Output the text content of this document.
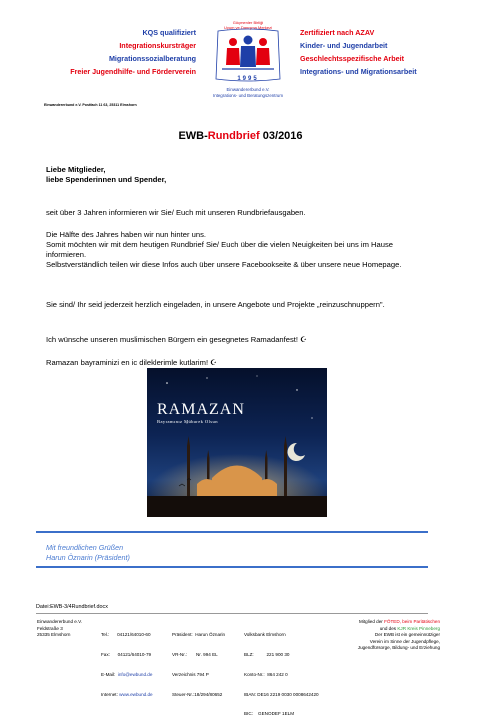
KQS qualifiziert
Integrationskursträger
Migrationssozialberatung
Freier Jugendhilfe- und Förderverein
Göçmenler Birliği
Uyum ve Danışma Merkezi
1995
Einwandererbund e.V.
Integrations- und Beratungszentrum
Zertifiziert nach AZAV
Kinder- und Jugendarbeit
Geschlechtsspezifische Arbeit
Integrations- und Migrationsarbeit
Einwandererbund e.V. Postfach 11 63, 25311 Elmshorn
EWB-Rundbrief 03/2016
Liebe Mitglieder,
liebe Spenderinnen und Spender,
seit über 3 Jahren informieren wir Sie/ Euch mit unseren Rundbriefausgaben.
Die Hälfte des Jahres haben wir nun hinter uns.
Somit möchten wir mit dem heutigen Rundbrief Sie/ Euch über die vielen Neuigkeiten bei uns im Hause informieren.
Selbstverständlich teilen wir diese Infos auch über unsere Facebookseite & über unsere neue Homepage.
Sie sind/ Ihr seid jederzeit herzlich eingeladen, in unsere Angebote und Projekte „reinzuschnuppern".
Ich wünsche unseren muslimischen Bürgern ein gesegnetes Ramadanfest! ☪
Ramazan bayraminizi en ic dileklerimle kutlarim! ☪
RAMAZAN
Bayramınız Mübarek Olsun
Mit freundlichen Grüßen
Harun Öznarin (Präsident)
Datei:EWB-3/4Rundbrief.docx
Einwandererbund e.V.
Feldstraße 3
25335 Elmshorn

	Tel.:      04121/64010-60

Fax:      04121/64010-79

E-Mail:  info@ewbund.de

Internet: www.ewbund.de

Präsident:  Harun Öznarin

VR-Nr.:       Nr. 994 EL

Verzeichnis 794 P

Steuer-Nr.:18/294/80652

Volksbank Elmshorn

BLZ:          221 900 30

Konto-Nr.:  864 242 0

IBAN: DE16 2219 0030 0008642420

BIC:    GENODEF 1ELM

Mitglied der FÖTED, beim Paritätischen
und des KJR Kreis Pinneberg
Der EWB ist ein gemeinnütziger
Verein im Sinne der Jugendpflege,
Jugendfürsorge, Bildung- und Erziehung
